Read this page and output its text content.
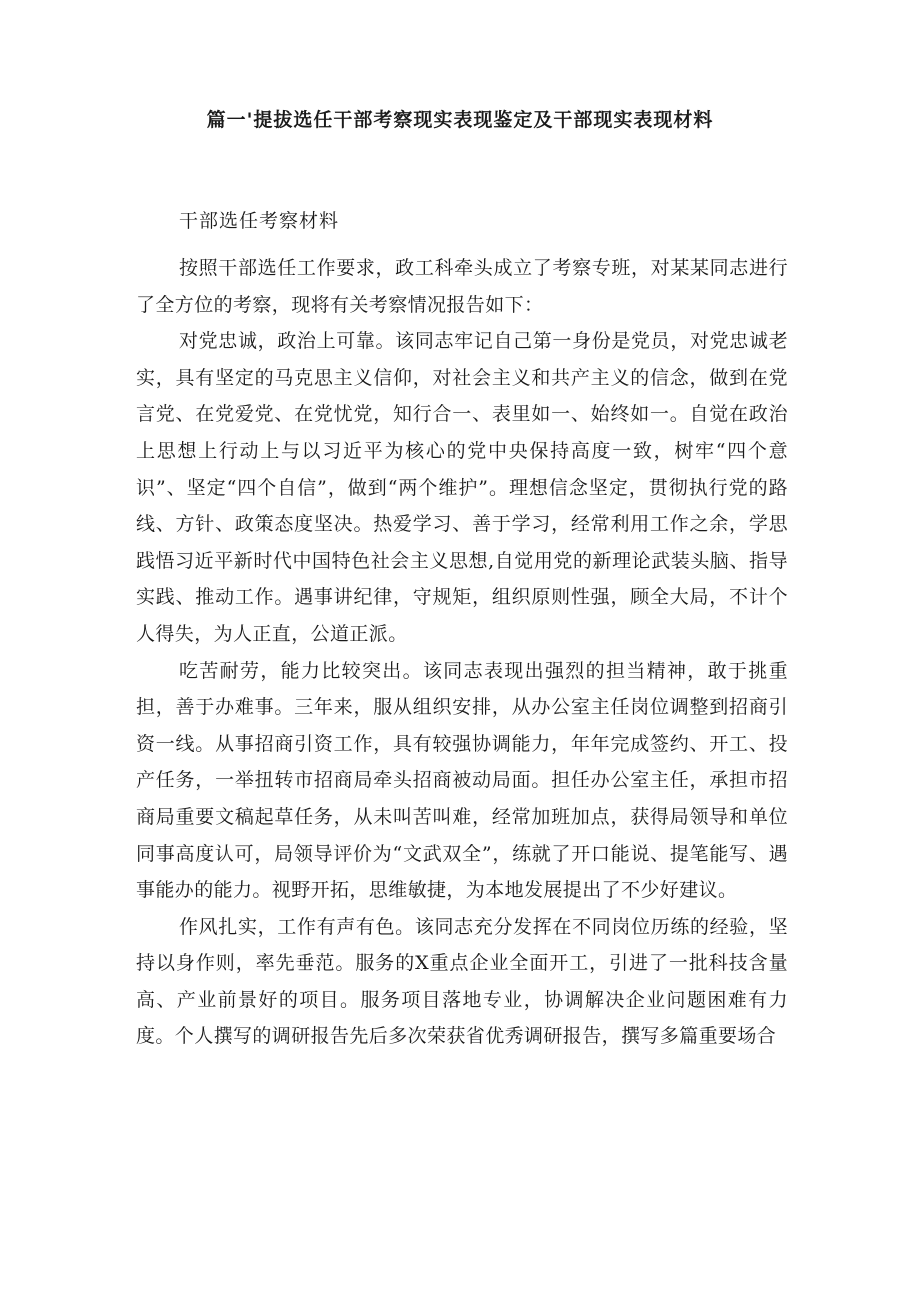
篇一'提拔选任干部考察现实表现鉴定及干部现实表现材料

干部选任考察材料

按照干部选任工作要求，政工科牵头成立了考察专班，对某某同志进行了全方位的考察，现将有关考察情况报告如下：

对党忠诚，政治上可靠。该同志牢记自己第一身份是党员，对党忠诚老实，具有坚定的马克思主义信仰，对社会主义和共产主义的信念，做到在党言党、在党爱党、在党忧党，知行合一、表里如一、始终如一。自觉在政治上思想上行动上与以习近平为核心的党中央保持高度一致，树牢“四个意识”、坚定“四个自信”，做到“两个维护”。理想信念坚定，贯彻执行党的路线、方针、政策态度坚决。热爱学习、善于学习，经常利用工作之余，学思践悟习近平新时代中国特色社会主义思想,自觉用党的新理论武装头脑、指导实践、推动工作。遇事讲纪律，守规矩，组织原则性强，顾全大局，不计个人得失，为人正直，公道正派。

吃苦耐劳，能力比较突出。该同志表现出强烈的担当精神，敢于挑重担，善于办难事。三年来，服从组织安排，从办公室主任岗位调整到招商引资一线。从事招商引资工作，具有较强协调能力，年年完成签约、开工、投产任务，一举扭转市招商局牵头招商被动局面。担任办公室主任，承担市招商局重要文稿起草任务，从未叫苦叫难，经常加班加点，获得局领导和单位同事高度认可，局领导评价为“文武双全”，练就了开口能说、提笔能写、遇事能办的能力。视野开拓，思维敏捷，为本地发展提出了不少好建议。

作风扎实，工作有声有色。该同志充分发挥在不同岗位历练的经验，坚持以身作则，率先垂范。服务的X重点企业全面开工，引进了一批科技含量高、产业前景好的项目。服务项目落地专业，协调解决企业问题困难有力度。个人撰写的调研报告先后多次荣获省优秀调研报告，撰写多篇重要场合
